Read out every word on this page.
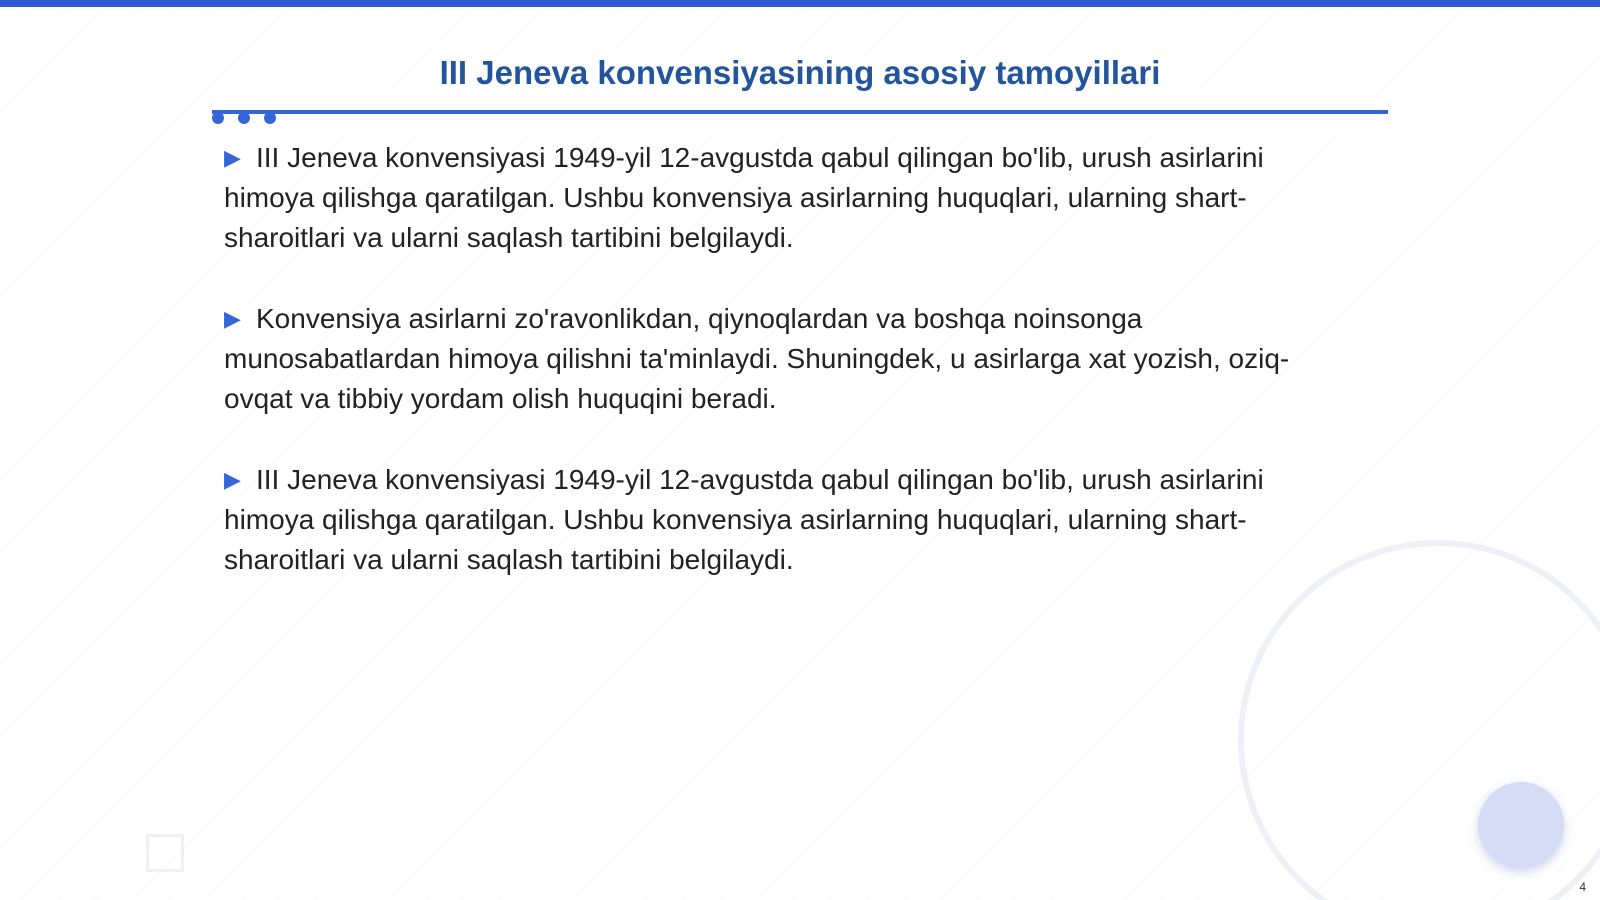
III Jeneva konvensiyasining asosiy tamoyillari

▶ III Jeneva konvensiyasi 1949-yil 12-avgustda qabul qilingan bo'lib, urush asirlarini himoya qilishga qaratilgan. Ushbu konvensiya asirlarning huquqlari, ularning shart-sharoitlari va ularni saqlash tartibini belgilaydi.

▶ Konvensiya asirlarni zo'ravonlikdan, qiynoqlardan va boshqa noinsonga munosabatlardan himoya qilishni ta'minlaydi. Shuningdek, u asirlarga xat yozish, oziq-ovqat va tibbiy yordam olish huquqini beradi.

▶ III Jeneva konvensiyasi 1949-yil 12-avgustda qabul qilingan bo'lib, urush asirlarini himoya qilishga qaratilgan. Ushbu konvensiya asirlarning huquqlari, ularning shart-sharoitlari va ularni saqlash tartibini belgilaydi.

4
